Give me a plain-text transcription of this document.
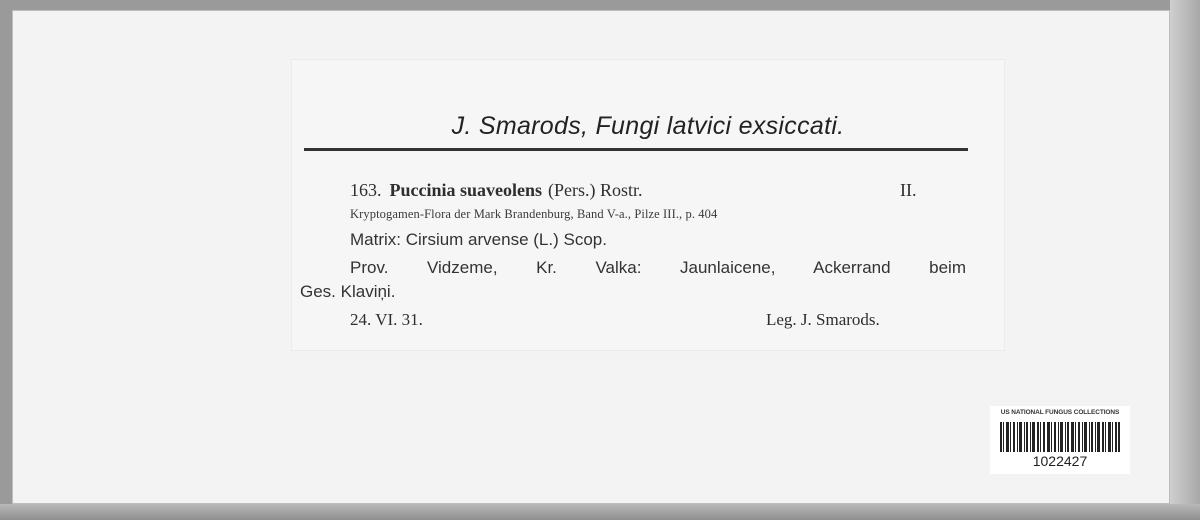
J. Smarods, Fungi latvici exsiccati.
163. Puccinia suaveolens (Pers.) Rostr.	II.
Kryptogamen-Flora der Mark Brandenburg, Band V-a., Pilze III., p. 404
Matrix: Cirsium arvense (L.) Scop.
Prov. Vidzeme, Kr. Valka: Jaunlaicene, Ackerrand beim
Ges. Klaviņi.
24. VI. 31.	Leg. J. Smarods.
US NATIONAL FUNGUS COLLECTIONS
1022427
